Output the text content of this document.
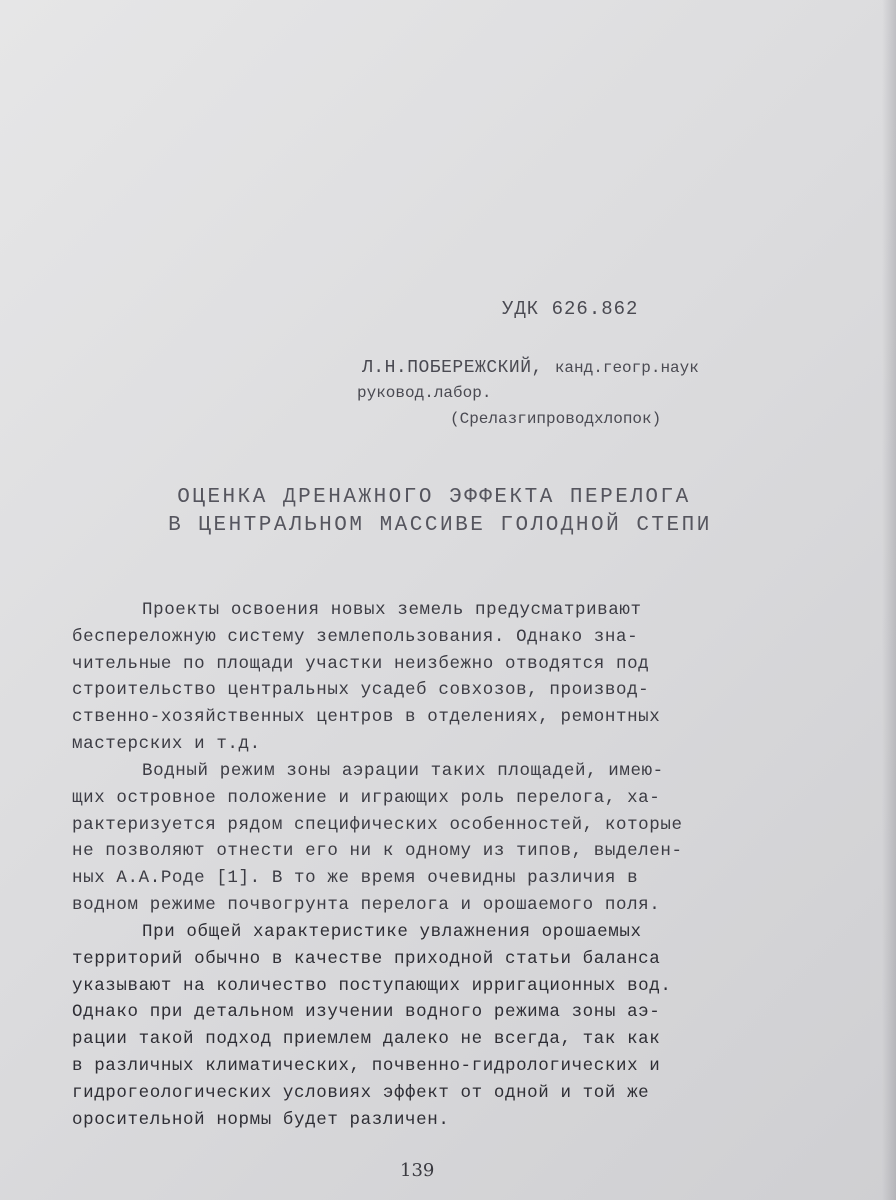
УДК 626.862
Л.Н.ПОБЕРЕЖСКИЙ, канд.геогр.наук
руковод.лабор.
(Срелазгипроводхлопок)
ОЦЕНКА ДРЕНАЖНОГО ЭФФЕКТА ПЕРЕЛОГА
В ЦЕНТРАЛЬНОМ МАССИВЕ ГОЛОДНОЙ СТЕПИ
Проекты освоения новых земель предусматривают
беспереложную систему землепользования. Однако зна-
чительные по площади участки неизбежно отводятся под
строительство центральных усадеб совхозов, производ-
ственно-хозяйственных центров в отделениях, ремонтных
мастерских и т.д.
Водный режим зоны аэрации таких площадей, имею-
щих островное положение и играющих роль перелога, ха-
рактеризуется рядом специфических особенностей, которые
не позволяют отнести его ни к одному из типов, выделен-
ных А.А.Роде [1]. В то же время очевидны различия в
водном режиме почвогрунта перелога и орошаемого поля.
При общей характеристике увлажнения орошаемых
территорий обычно в качестве приходной статьи баланса
указывают на количество поступающих ирригационных вод.
Однако при детальном изучении водного режима зоны аэ-
рации такой подход приемлем далеко не всегда, так как
в различных климатических, почвенно-гидрологических и
гидрогеологических условиях эффект от одной и той же
оросительной нормы будет различен.
139
